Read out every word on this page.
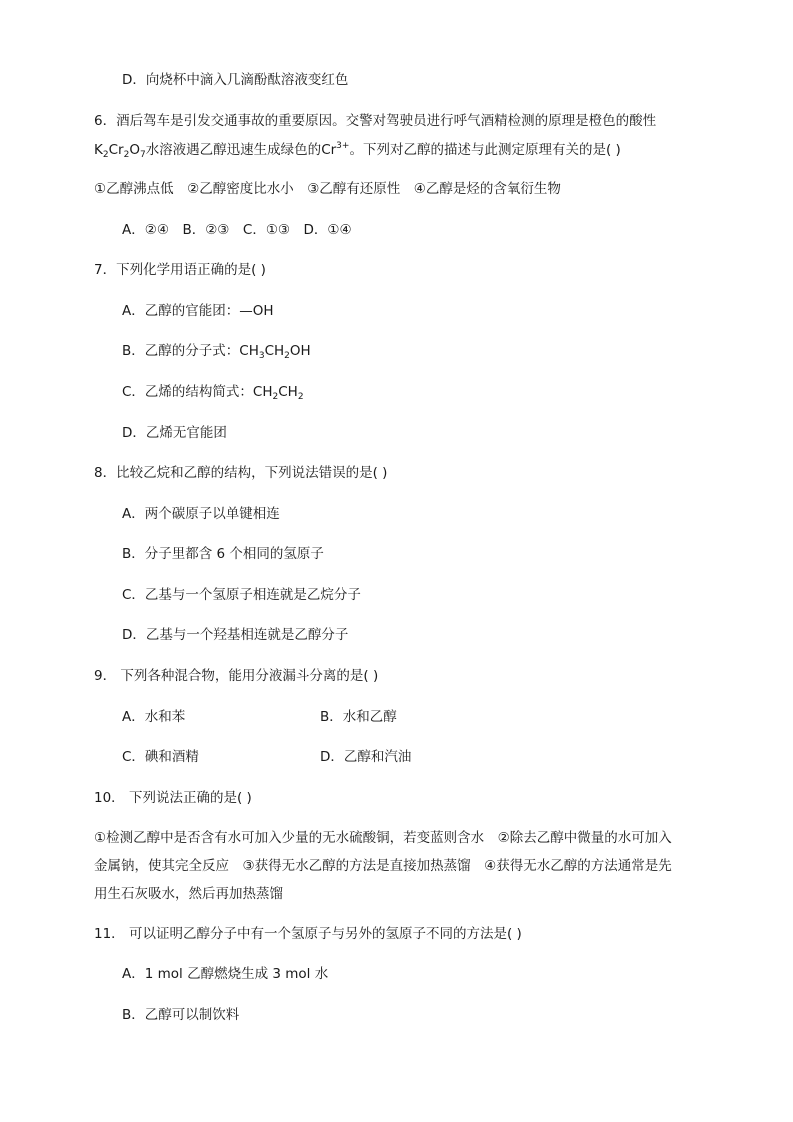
D．向烧杯中滴入几滴酚酞溶液变红色
6．酒后驾车是引发交通事故的重要原因。交警对驾驶员进行呼气酒精检测的原理是橙色的酸性
$K_2Cr_2O_7$水溶液遇乙醇迅速生成绿色的$Cr^{3+}$。下列对乙醇的描述与此测定原理有关的是( )
①乙醇沸点低　②乙醇密度比水小　③乙醇有还原性　④乙醇是烃的含氧衍生物
A．②④　B．②③　C．①③　D．①④
7．下列化学用语正确的是( )
A．乙醇的官能团：—OH
B．乙醇的分子式：$CH_3CH_2OH$
C．乙烯的结构简式：$CH_2CH_2$
D．乙烯无官能团
8．比较乙烷和乙醇的结构，下列说法错误的是( )
A．两个碳原子以单键相连
B．分子里都含 6 个相同的氢原子
C．乙基与一个氢原子相连就是乙烷分子
D．乙基与一个羟基相连就是乙醇分子
9． 下列各种混合物，能用分液漏斗分离的是( )
A．水和苯	B．水和乙醇
C．碘和酒精	D．乙醇和汽油
10． 下列说法正确的是( )
①检测乙醇中是否含有水可加入少量的无水硫酸铜，若变蓝则含水　②除去乙醇中微量的水可加入
金属钠，使其完全反应　③获得无水乙醇的方法是直接加热蒸馏　④获得无水乙醇的方法通常是先
用生石灰吸水，然后再加热蒸馏
11． 可以证明乙醇分子中有一个氢原子与另外的氢原子不同的方法是( )
A．1 mol 乙醇燃烧生成 3 mol 水
B．乙醇可以制饮料
